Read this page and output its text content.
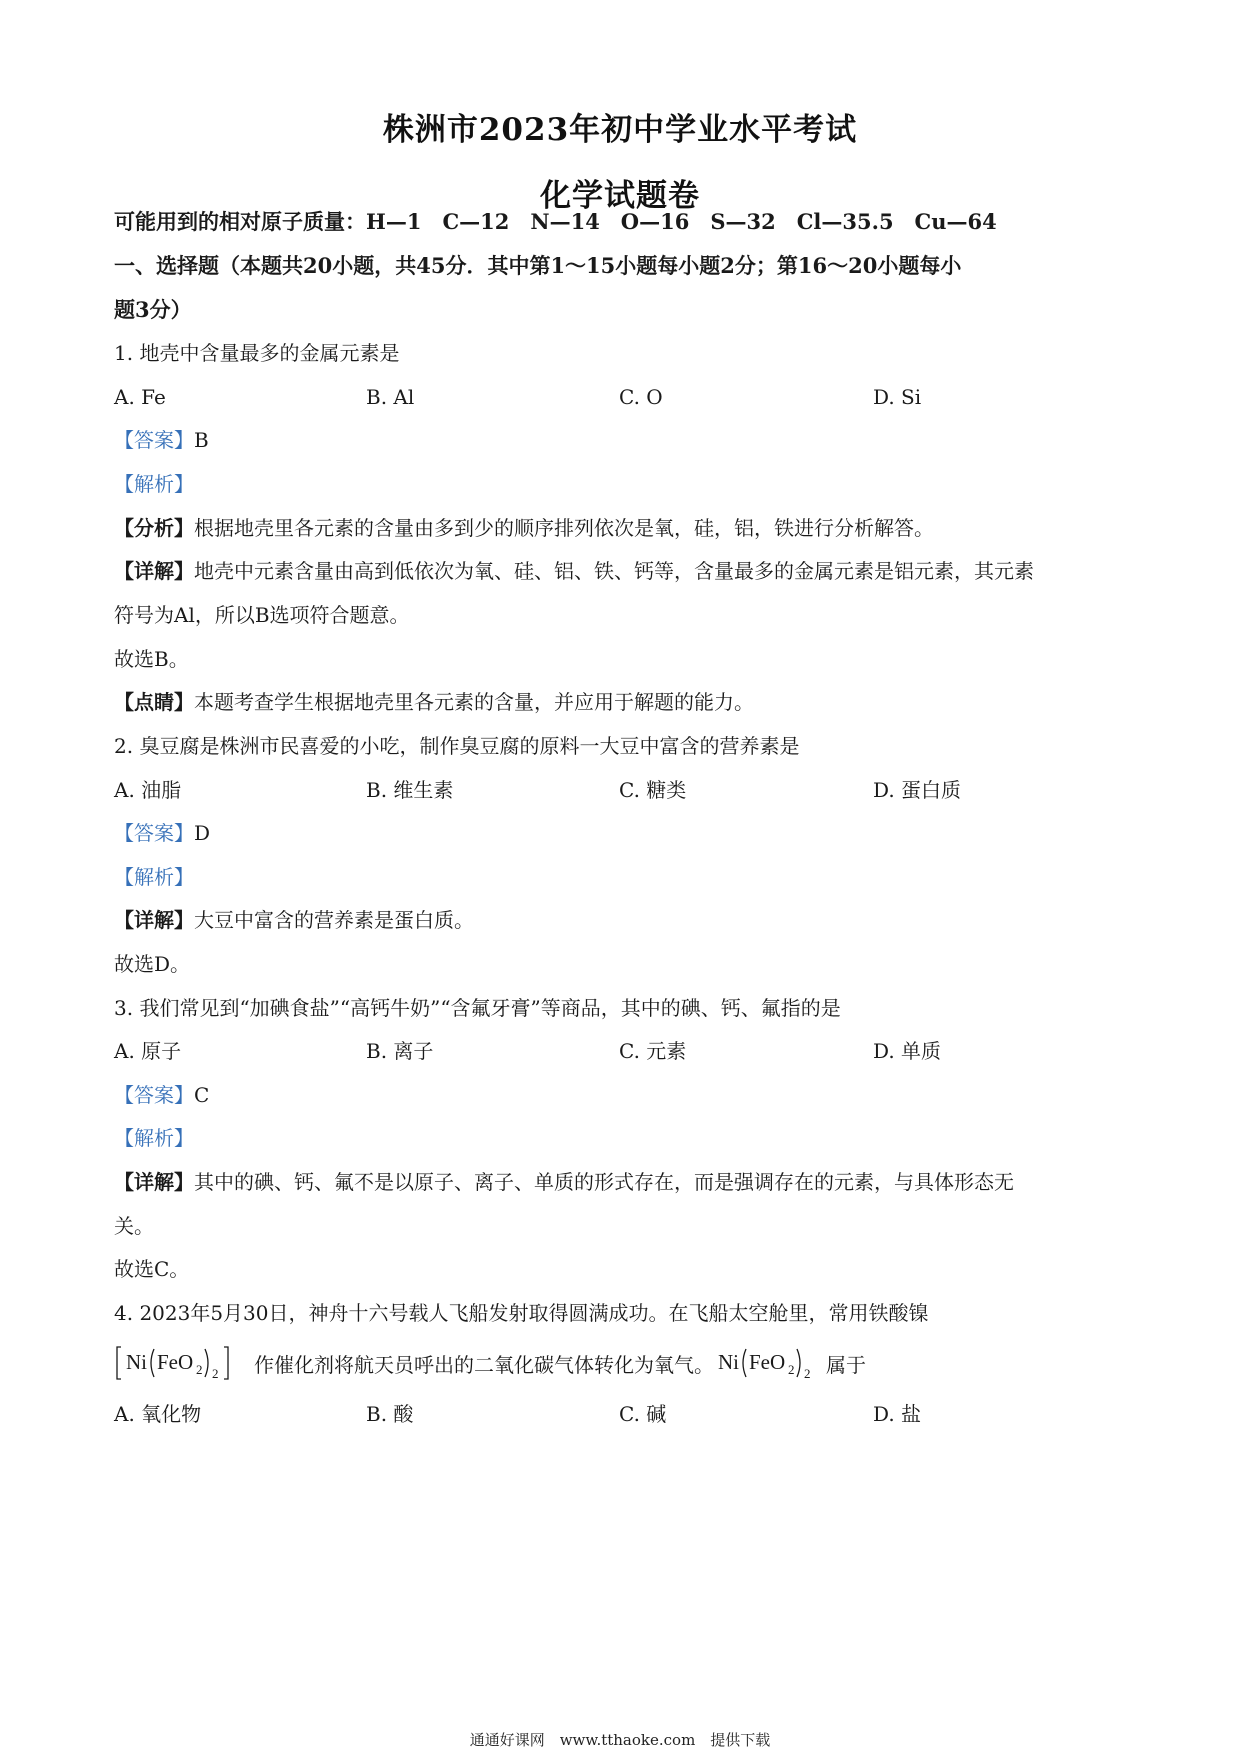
株洲市2023年初中学业水平考试
化学试题卷
可能用到的相对原子质量：H—1　C—12　N—14　O—16　S—32　Cl—35.5　Cu—64
一、选择题（本题共20小题，共45分．其中第1～15小题每小题2分；第16～20小题每小
题3分）
1. 地壳中含量最多的金属元素是
A. Fe	B. Al	C. O	D. Si
【答案】B
【解析】
【分析】根据地壳里各元素的含量由多到少的顺序排列依次是氧，硅，铝，铁进行分析解答。
【详解】地壳中元素含量由高到低依次为氧、硅、铝、铁、钙等，含量最多的金属元素是铝元素，其元素
符号为Al，所以B选项符合题意。
故选B。
【点睛】本题考查学生根据地壳里各元素的含量，并应用于解题的能力。
2. 臭豆腐是株洲市民喜爱的小吃，制作臭豆腐的原料一大豆中富含的营养素是
A. 油脂	B. 维生素	C. 糖类	D. 蛋白质
【答案】D
【解析】
【详解】大豆中富含的营养素是蛋白质。
故选D。
3. 我们常见到“加碘食盐”“高钙牛奶”“含氟牙膏”等商品，其中的碘、钙、氟指的是
A. 原子	B. 离子	C. 元素	D. 单质
【答案】C
【解析】
【详解】其中的碘、钙、氟不是以原子、离子、单质的形式存在，而是强调存在的元素，与具体形态无
关。
故选C。
4. 2023年5月30日，神舟十六号载人飞船发射取得圆满成功。在飞船太空舱里，常用铁酸镍
Ni FeO 2 2 作催化剂将航天员呼出的二氧化碳气体转化为氧气。 Ni FeO 2 2 属于
A. 氧化物	B. 酸	C. 碱	D. 盐
通通好课网　www.tthaoke.com　提供下载
